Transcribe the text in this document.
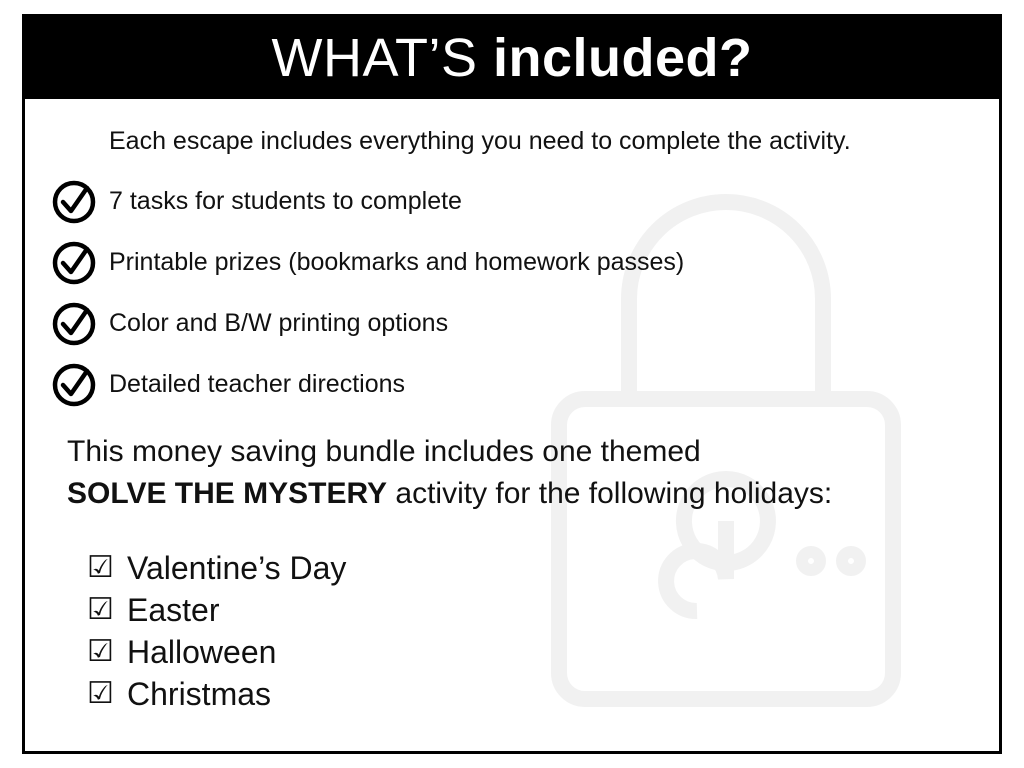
WHAT’S included?
Each escape includes everything you need to complete the activity.
7 tasks for students to complete
Printable prizes (bookmarks and homework passes)
Color and B/W printing options
Detailed teacher directions
This money saving bundle includes one themed
SOLVE THE MYSTERY activity for the following holidays:
☑ Valentine’s Day
☑ Easter
☑ Halloween
☑ Christmas
